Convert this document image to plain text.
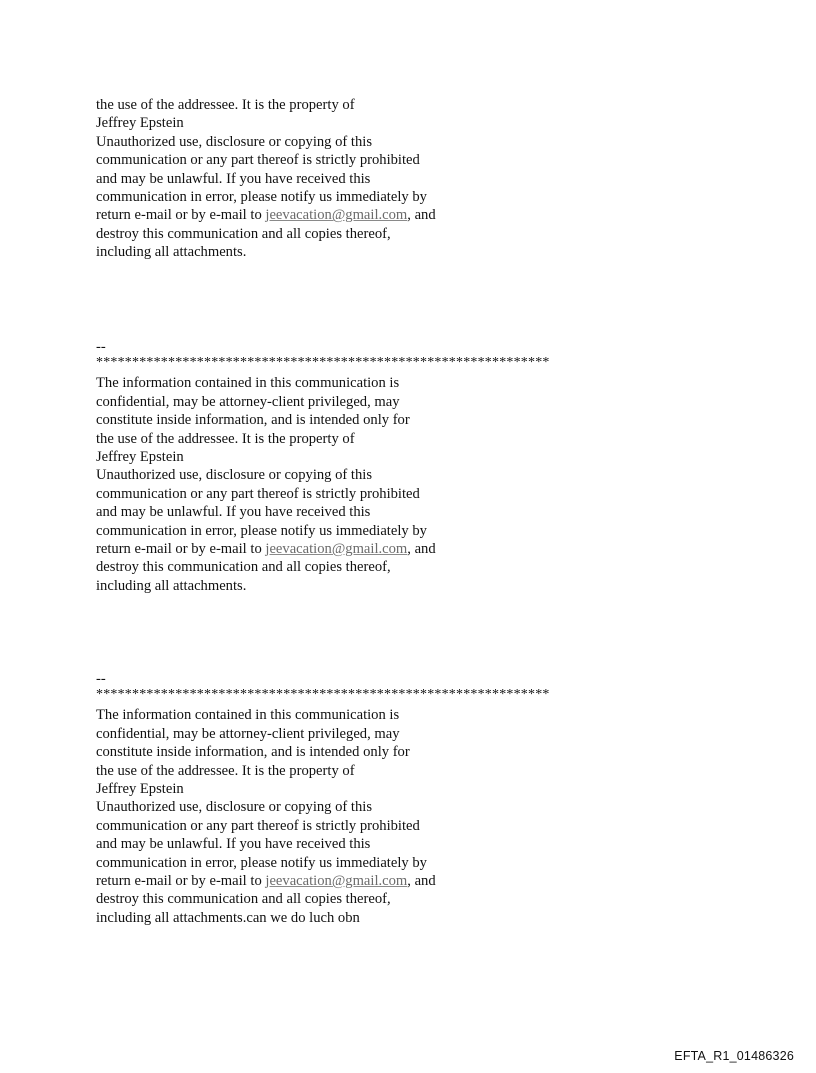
the use of the addressee. It is the property of
Jeffrey Epstein
Unauthorized use, disclosure or copying of this
communication or any part thereof is strictly prohibited
and may be unlawful. If you have received this
communication in error, please notify us immediately by
return e-mail or by e-mail to jeevacation@gmail.com, and
destroy this communication and all copies thereof,
including all attachments.
--
***************************************************************
The information contained in this communication is
confidential, may be attorney-client privileged, may
constitute inside information, and is intended only for
the use of the addressee. It is the property of
Jeffrey Epstein
Unauthorized use, disclosure or copying of this
communication or any part thereof is strictly prohibited
and may be unlawful. If you have received this
communication in error, please notify us immediately by
return e-mail or by e-mail to jeevacation@gmail.com, and
destroy this communication and all copies thereof,
including all attachments.
--
***************************************************************
The information contained in this communication is
confidential, may be attorney-client privileged, may
constitute inside information, and is intended only for
the use of the addressee. It is the property of
Jeffrey Epstein
Unauthorized use, disclosure or copying of this
communication or any part thereof is strictly prohibited
and may be unlawful. If you have received this
communication in error, please notify us immediately by
return e-mail or by e-mail to jeevacation@gmail.com, and
destroy this communication and all copies thereof,
including all attachments.can we do luch obn
EFTA_R1_01486326
